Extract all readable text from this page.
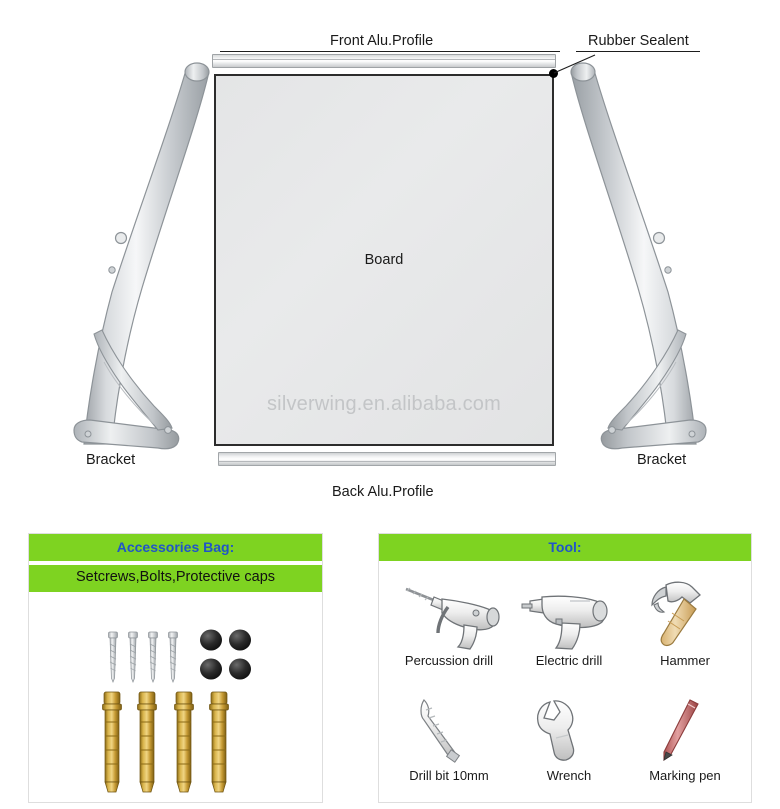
Board
silverwing.en.alibaba.com
Front Alu.Profile	Rubber Sealent
Back Alu.Profile
Bracket	Bracket
Accessories Bag:
Setcrews,Bolts,Protective caps
Tool:
Percussion drill	Electric drill	Hammer
Drill bit 10mm	Wrench	Marking pen
